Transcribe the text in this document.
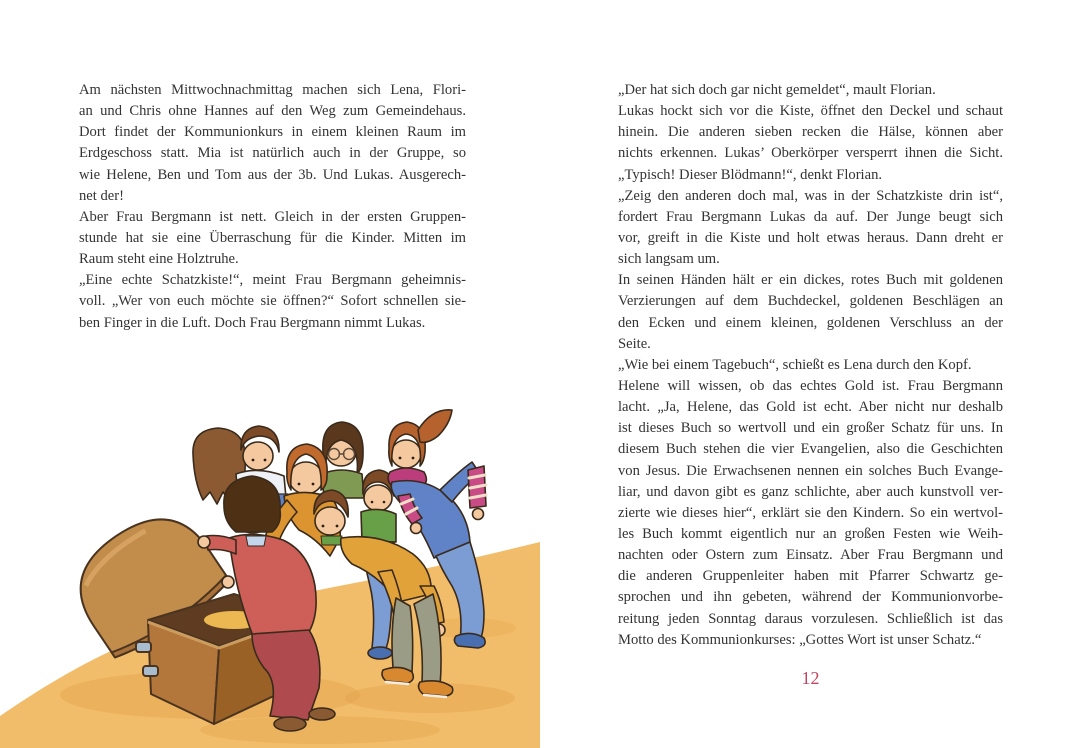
Am nächsten Mittwochnachmittag machen sich Lena, Flori-
an und Chris ohne Hannes auf den Weg zum Gemeindehaus.
Dort findet der Kommunionkurs in einem kleinen Raum im
Erdgeschoss statt. Mia ist natürlich auch in der Gruppe, so
wie Helene, Ben und Tom aus der 3b. Und Lukas. Ausgerech-
net der!
Aber Frau Bergmann ist nett. Gleich in der ersten Gruppen-
stunde hat sie eine Überraschung für die Kinder. Mitten im
Raum steht eine Holztruhe.
„Eine echte Schatzkiste!“, meint Frau Bergmann geheimnis-
voll. „Wer von euch möchte sie öffnen?“ Sofort schnellen sie-
ben Finger in die Luft. Doch Frau Bergmann nimmt Lukas.
„Der hat sich doch gar nicht gemeldet“, mault Florian.
Lukas hockt sich vor die Kiste, öffnet den Deckel und schaut
hinein. Die anderen sieben recken die Hälse, können aber
nichts erkennen. Lukas’ Oberkörper versperrt ihnen die Sicht.
„Typisch! Dieser Blödmann!“, denkt Florian.
„Zeig den anderen doch mal, was in der Schatzkiste drin ist“,
fordert Frau Bergmann Lukas da auf. Der Junge beugt sich
vor, greift in die Kiste und holt etwas heraus. Dann dreht er
sich langsam um.
In seinen Händen hält er ein dickes, rotes Buch mit goldenen
Verzierungen auf dem Buchdeckel, goldenen Beschlägen an
den Ecken und einem kleinen, goldenen Verschluss an der
Seite.
„Wie bei einem Tagebuch“, schießt es Lena durch den Kopf.
Helene will wissen, ob das echtes Gold ist. Frau Bergmann
lacht. „Ja, Helene, das Gold ist echt. Aber nicht nur deshalb
ist dieses Buch so wertvoll und ein großer Schatz für uns. In
diesem Buch stehen die vier Evangelien, also die Geschichten
von Jesus. Die Erwachsenen nennen ein solches Buch Evange-
liar, und davon gibt es ganz schlichte, aber auch kunstvoll ver-
zierte wie dieses hier“, erklärt sie den Kindern. So ein wertvol-
les Buch kommt eigentlich nur an großen Festen wie Weih-
nachten oder Ostern zum Einsatz. Aber Frau Bergmann und
die anderen Gruppenleiter haben mit Pfarrer Schwartz ge-
sprochen und ihn gebeten, während der Kommunionvorbe-
reitung jeden Sonntag daraus vorzulesen. Schließlich ist das
Motto des Kommunionkurses: „Gottes Wort ist unser Schatz.“
12
